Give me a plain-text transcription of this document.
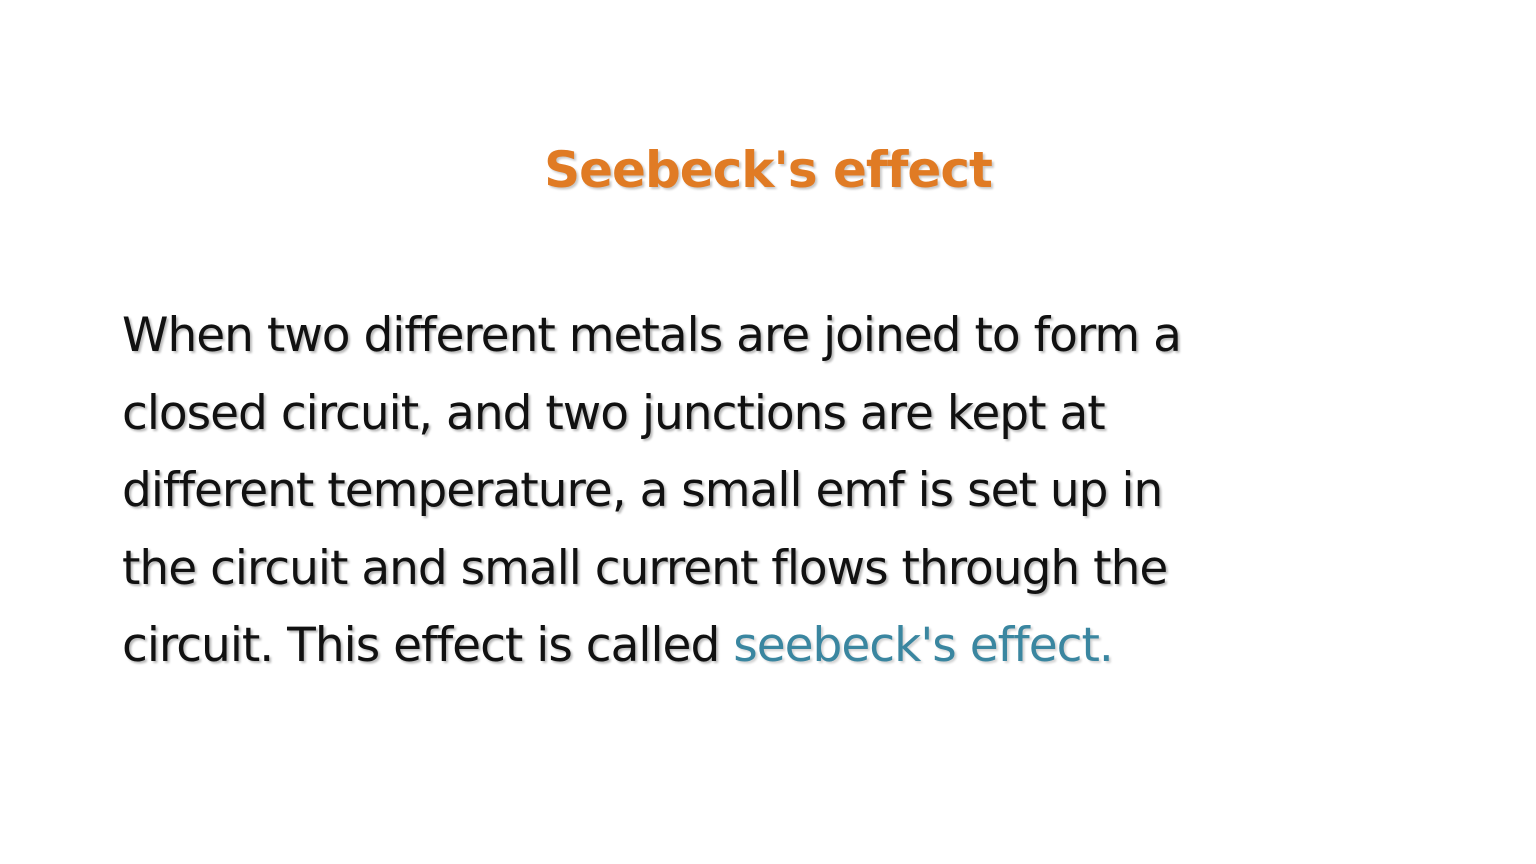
Seebeck's effect

When two different metals are joined to form a
closed circuit, and two junctions are kept at
different temperature, a small emf is set up in
the circuit and small current flows through the
circuit. This effect is called seebeck's effect.
